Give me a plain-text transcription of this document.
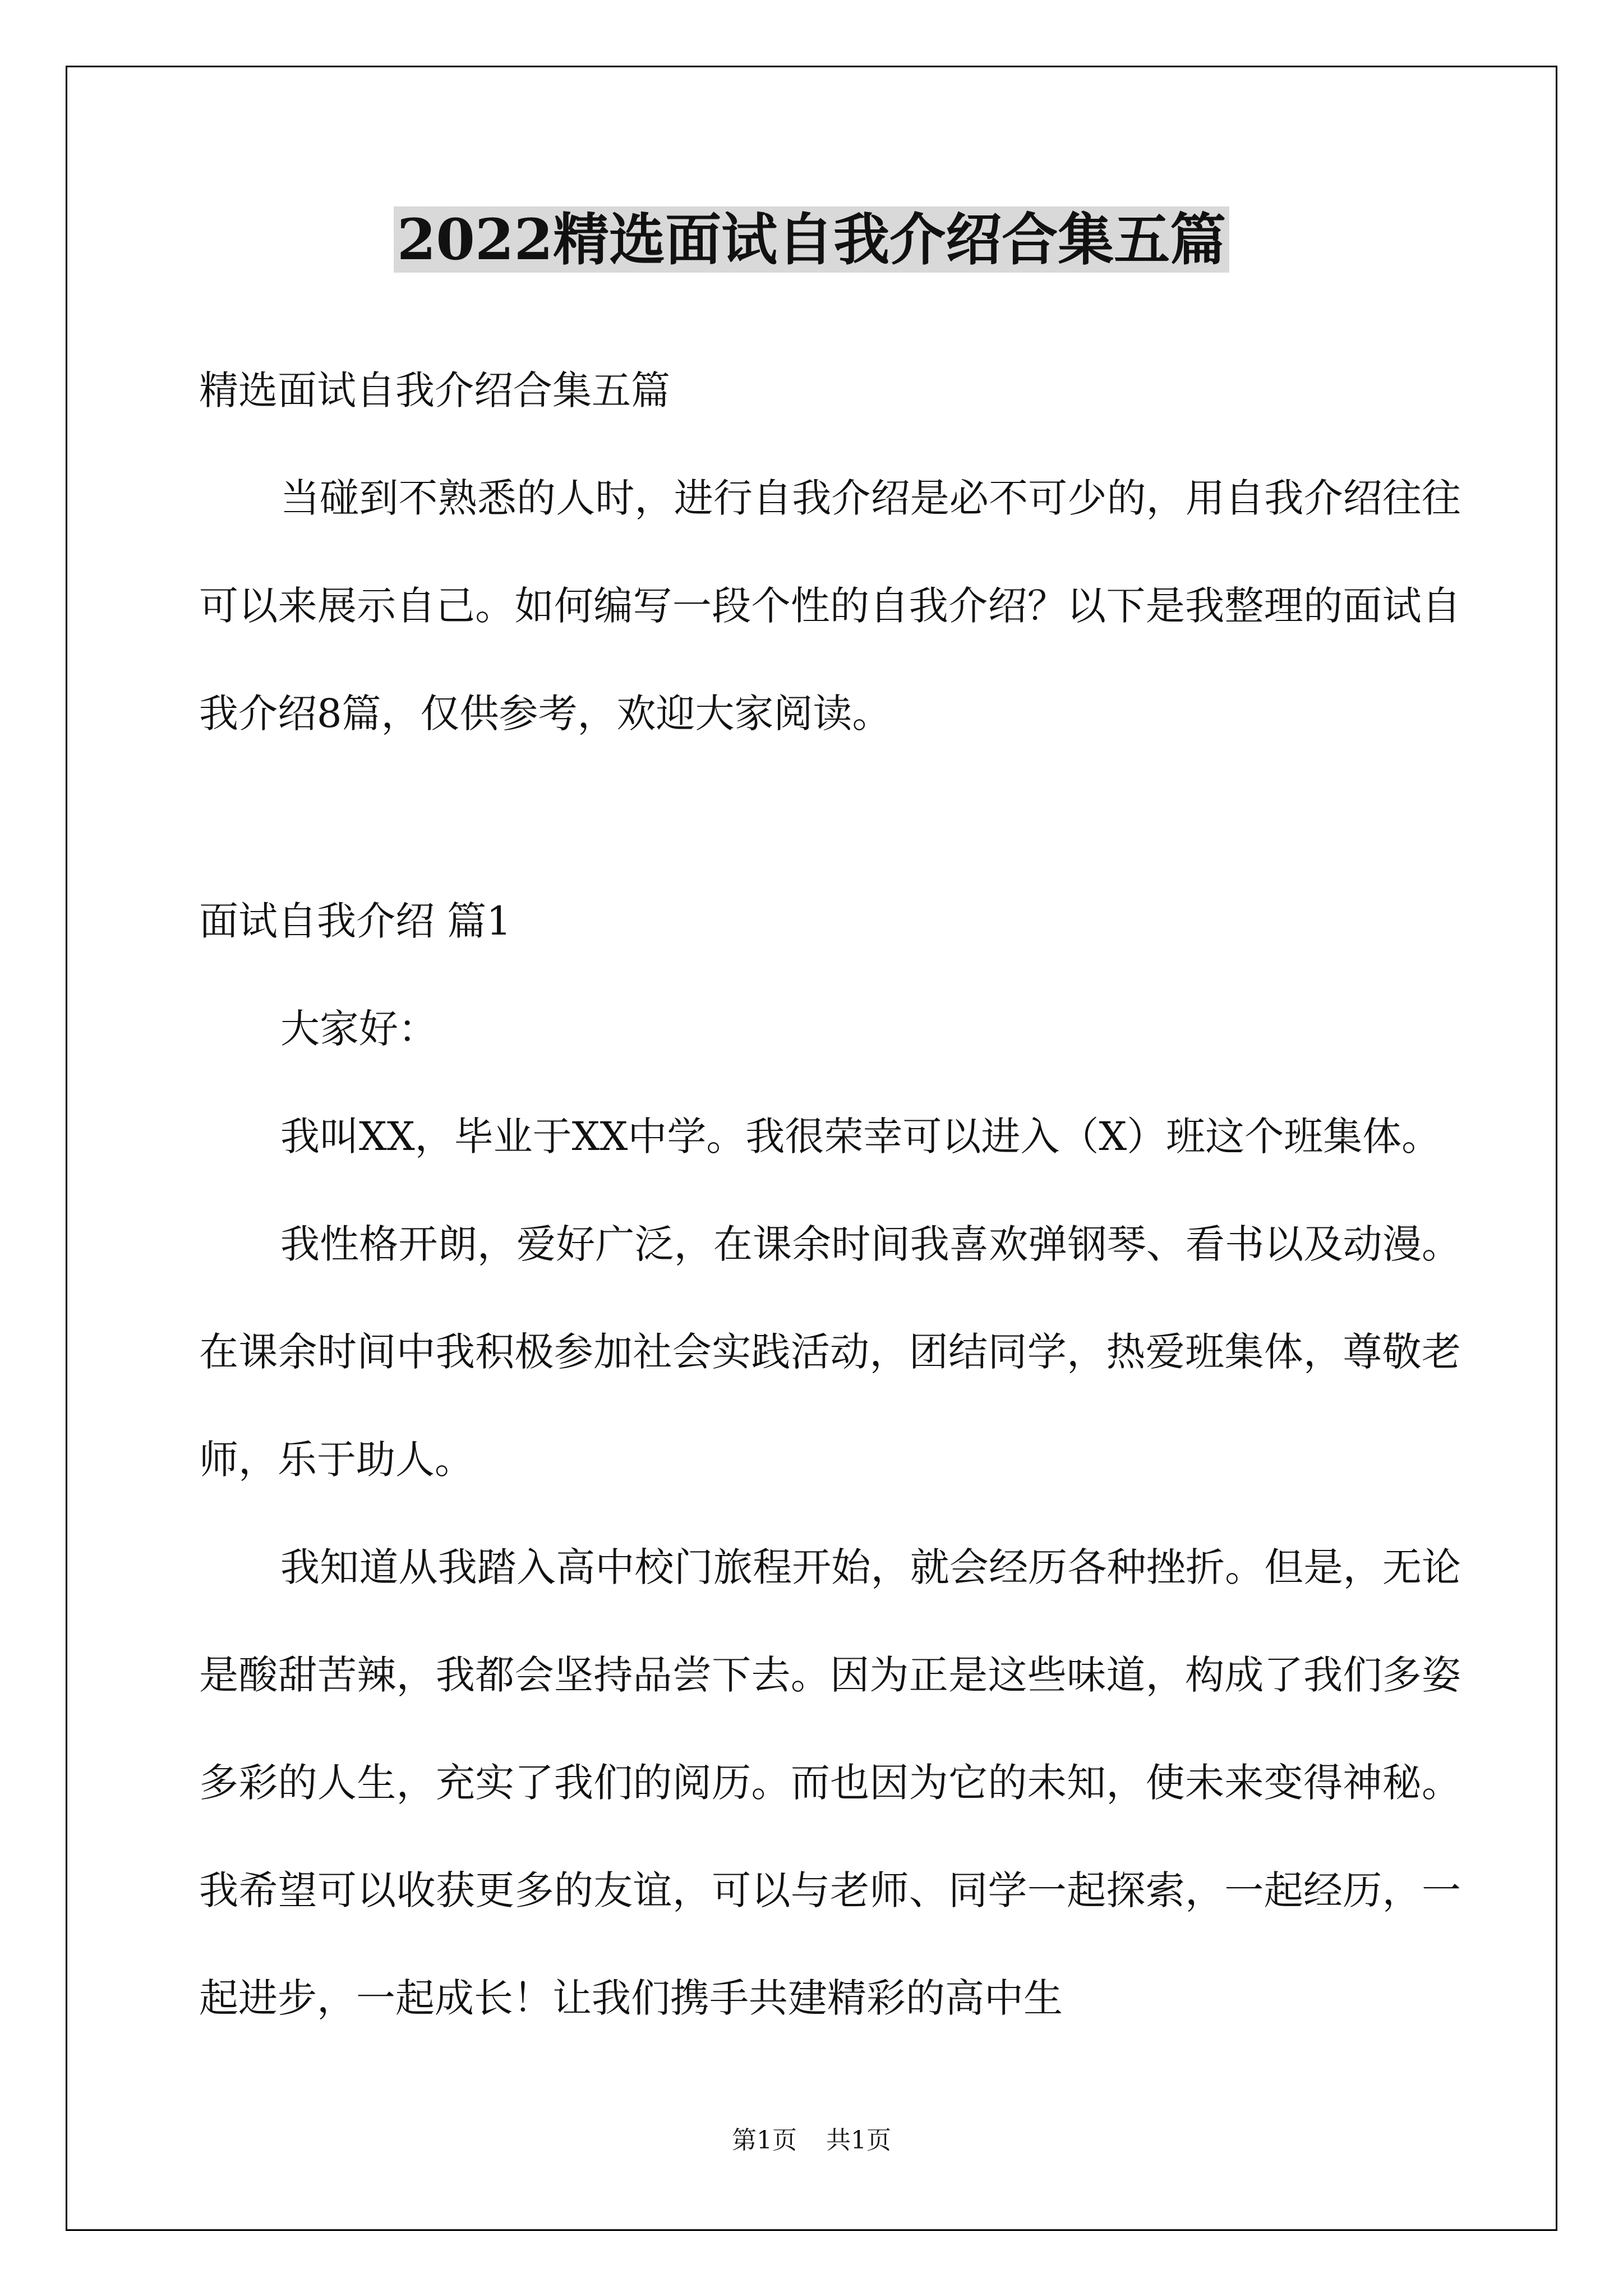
2022精选面试自我介绍合集五篇

精选面试自我介绍合集五篇

当碰到不熟悉的人时，进行自我介绍是必不可少的，用自我介绍往往可以来展示自己。如何编写一段个性的自我介绍？以下是我整理的面试自我介绍8篇，仅供参考，欢迎大家阅读。

面试自我介绍 篇1

大家好：

我叫XX，毕业于XX中学。我很荣幸可以进入（X）班这个班集体。

我性格开朗，爱好广泛，在课余时间我喜欢弹钢琴、看书以及动漫。在课余时间中我积极参加社会实践活动，团结同学，热爱班集体，尊敬老师，乐于助人。

我知道从我踏入高中校门旅程开始，就会经历各种挫折。但是，无论是酸甜苦辣，我都会坚持品尝下去。因为正是这些味道，构成了我们多姿多彩的人生，充实了我们的阅历。而也因为它的未知，使未来变得神秘。我希望可以收获更多的友谊，可以与老师、同学一起探索，一起经历，一起进步，一起成长！让我们携手共建精彩的高中生

第1页 共1页
